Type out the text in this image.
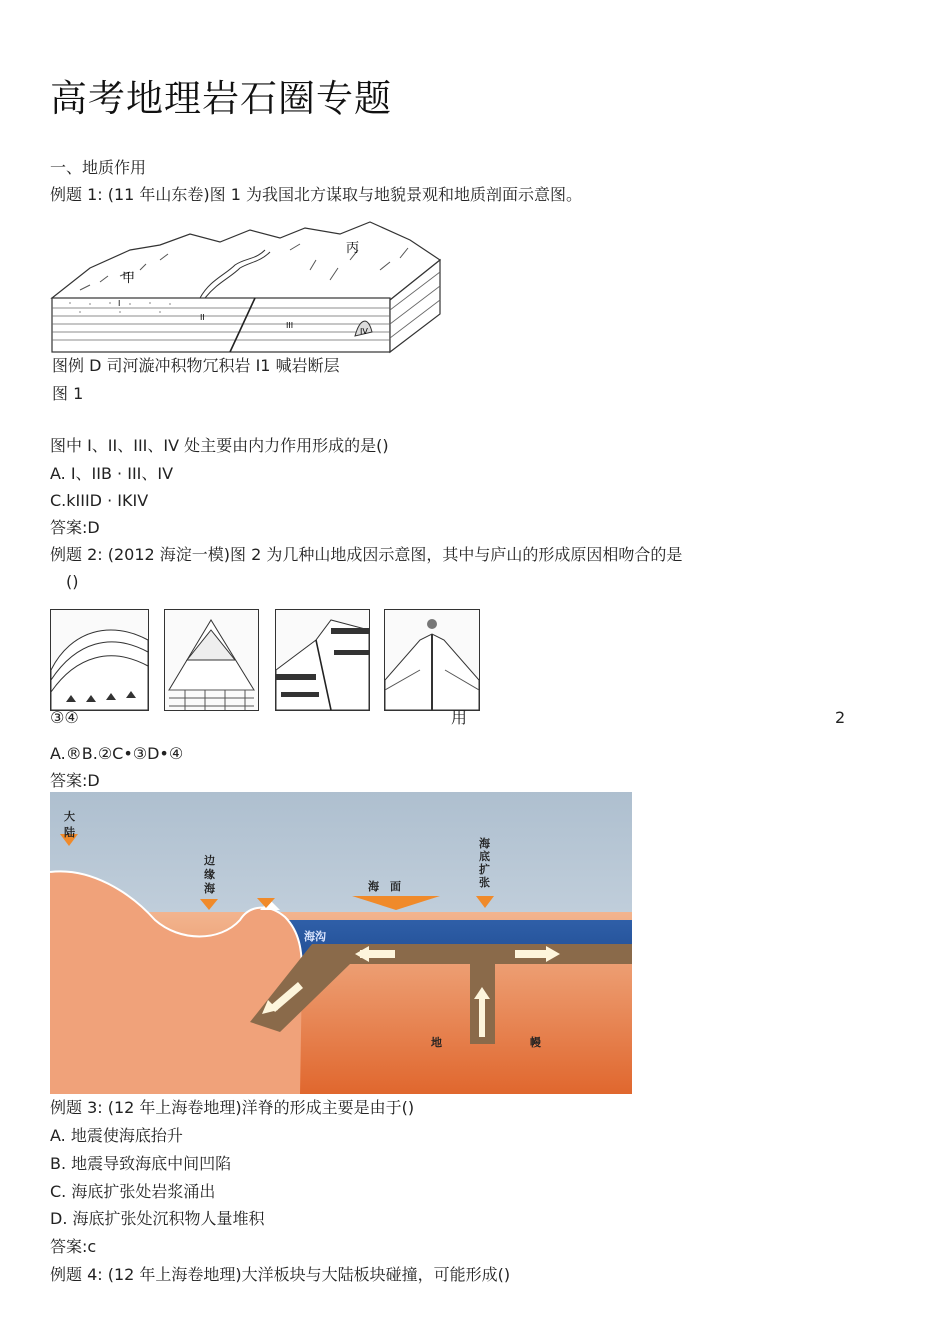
高考地理岩石圈专题
一、地质作用
例题 1: (11 年山东卷)图 1 为我国北方谋取与地貌景观和地质剖面示意图。
甲
丙
I
II
III
IV
图例 D 司河漩冲积物冗积岩 I1 喊岩断层
图 1
图中 I、II、III、IV 处主要由内力作用形成的是()
A. I、IIB · III、IV
C.kIIID · IKIV
答案:D
例题 2: (2012 海淀一模)图 2 为几种山地成因示意图，其中与庐山的形成原因相吻合的是
()
③④	用	2
A.®B.②C•③D•④
答案:D
大
陆
边
缘
海
海
底
扩
张
海　面
海沟
地	幔
例题 3: (12 年上海卷地理)洋脊的形成主要是由于()
A. 地震使海底抬升
B. 地震导致海底中间凹陷
C. 海底扩张处岩浆涌出
D. 海底扩张处沉积物人量堆积
答案:c
例题 4: (12 年上海卷地理)大洋板块与大陆板块碰撞，可能形成()
